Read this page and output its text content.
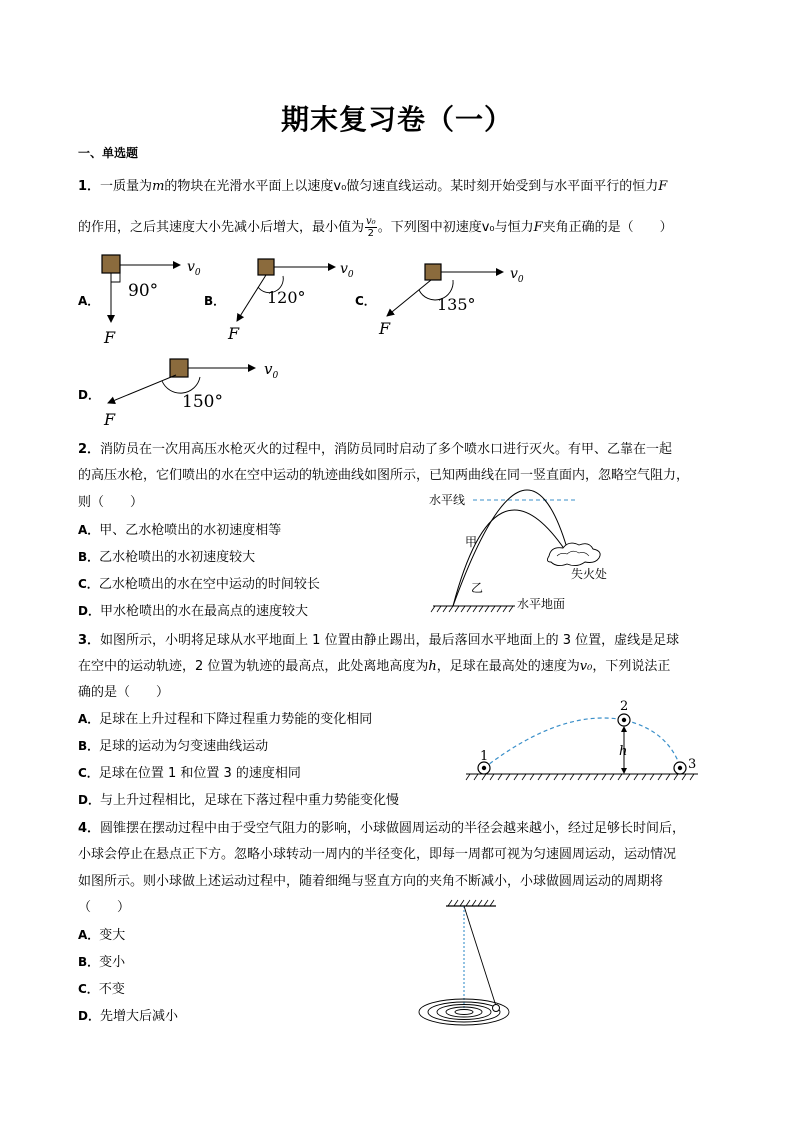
期末复习卷（一）
一、单选题
1．一质量为m的物块在光滑水平面上以速度v₀做匀速直线运动。某时刻开始受到与水平面平行的恒力F
的作用，之后其速度大小先减小后增大，最小值为 $\frac{\text{v₀}}{2}$ 。下列图中初速度v₀与恒力F夹角正确的是（　　）
A．	B．	C．
D．
90°
$v_0$
F
120°
$v_0$
F
135°
$v_0$
F
150°
$v_0$
F
2．消防员在一次用高压水枪灭火的过程中，消防员同时启动了多个喷水口进行灭火。有甲、乙靠在一起
的高压水枪，它们喷出的水在空中运动的轨迹曲线如图所示，已知两曲线在同一竖直面内，忽略空气阻力，
则（　　）
A．甲、乙水枪喷出的水初速度相等
B．乙水枪喷出的水初速度较大
C．乙水枪喷出的水在空中运动的时间较长
D．甲水枪喷出的水在最高点的速度较大
水平线
甲
乙
失火处
水平地面
3．如图所示，小明将足球从水平地面上 1 位置由静止踢出，最后落回水平地面上的 3 位置，虚线是足球
在空中的运动轨迹，2 位置为轨迹的最高点，此处离地高度为h，足球在最高处的速度为v₀，下列说法正
确的是（　　）
A．足球在上升过程和下降过程重力势能的变化相同
B．足球的运动为匀变速曲线运动
C．足球在位置 1 和位置 3 的速度相同
D．与上升过程相比，足球在下落过程中重力势能变化慢
h
1
2
3
4．圆锥摆在摆动过程中由于受空气阻力的影响，小球做圆周运动的半径会越来越小，经过足够长时间后，
小球会停止在悬点正下方。忽略小球转动一周内的半径变化，即每一周都可视为匀速圆周运动，运动情况
如图所示。则小球做上述运动过程中，随着细绳与竖直方向的夹角不断减小，小球做圆周运动的周期将
（　　）
A．变大
B．变小
C．不变
D．先增大后减小
